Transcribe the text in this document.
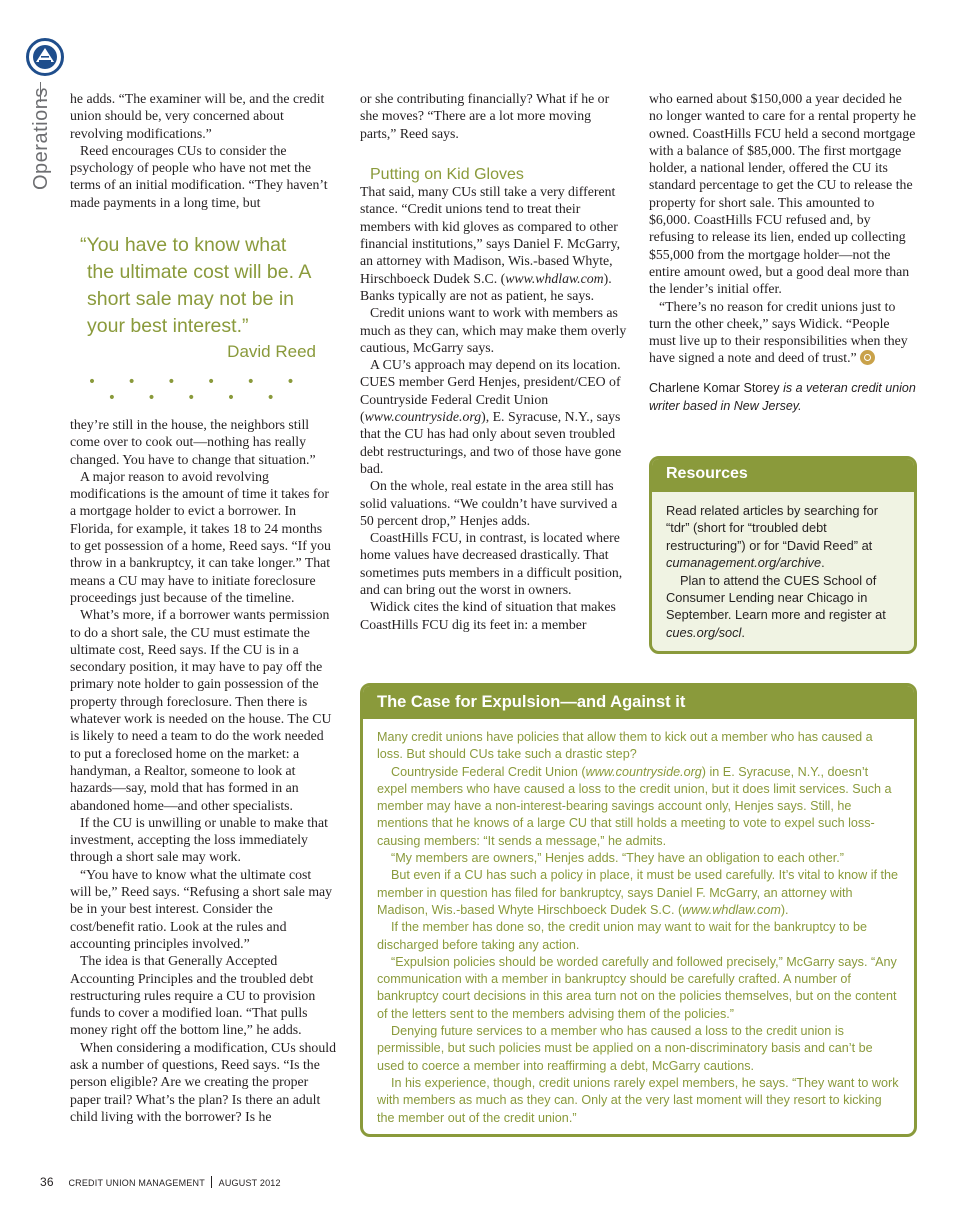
Operations he adds. “The examiner will be, and the credit union should be, very concerned about revolving modifications.”

Reed encourages CUs to consider the psychology of people who have not met the terms of an initial modification. “They haven’t made payments in a long time, but

“You have to know what the ultimate cost will be. A short sale may not be in your best interest.”

David Reed
• • • • • • • • • • •

they’re still in the house, the neighbors still come over to cook out—nothing has really changed. You have to change that situation.”

A major reason to avoid revolving modifications is the amount of time it takes for a mortgage holder to evict a borrower. In Florida, for example, it takes 18 to 24 months to get possession of a home, Reed says. “If you throw in a bankruptcy, it can take longer.” That means a CU may have to initiate foreclosure proceedings just because of the timeline.

What’s more, if a borrower wants permission to do a short sale, the CU must estimate the ultimate cost, Reed says. If the CU is in a secondary position, it may have to pay off the primary note holder to gain possession of the property through foreclosure. Then there is whatever work is needed on the house. The CU is likely to need a team to do the work needed to put a foreclosed home on the market: a handyman, a Realtor, someone to look at hazards—say, mold that has formed in an abandoned home—and other specialists.

If the CU is unwilling or unable to make that investment, accepting the loss immediately through a short sale may work.

“You have to know what the ultimate cost will be,” Reed says. “Refusing a short sale may be in your best interest. Consider the cost/benefit ratio. Look at the rules and accounting principles involved.”

The idea is that Generally Accepted Accounting Principles and the troubled debt restructuring rules require a CU to provision funds to cover a modified loan. “That pulls money right off the bottom line,” he adds.

When considering a modification, CUs should ask a number of questions, Reed says. “Is the person eligible? Are we creating the proper paper trail? What’s the plan? Is there an adult child living with the borrower? Is he

or she contributing financially? What if he or she moves? “There are a lot more moving parts,” Reed says.

Putting on Kid Gloves

That said, many CUs still take a very different stance. “Credit unions tend to treat their members with kid gloves as compared to other financial institutions,” says Daniel F. McGarry, an attorney with Madison, Wis.-based Whyte, Hirschboeck Dudek S.C. (www.whdlaw.com). Banks typically are not as patient, he says.

Credit unions want to work with members as much as they can, which may make them overly cautious, McGarry says.

A CU’s approach may depend on its location. CUES member Gerd Henjes, president/CEO of Countryside Federal Credit Union (www.countryside.org), E. Syracuse, N.Y., says that the CU has had only about seven troubled debt restructurings, and two of those have gone bad.

On the whole, real estate in the area still has solid valuations. “We couldn’t have survived a 50 percent drop,” Henjes adds.

CoastHills FCU, in contrast, is located where home values have decreased drastically. That sometimes puts members in a difficult position, and can bring out the worst in owners.

Widick cites the kind of situation that makes CoastHills FCU dig its feet in: a member

who earned about $150,000 a year decided he no longer wanted to care for a rental property he owned. CoastHills FCU held a second mortgage with a balance of $85,000. The first mortgage holder, a national lender, offered the CU its standard percentage to get the CU to release the property for short sale. This amounted to $6,000. CoastHills FCU refused and, by refusing to release its lien, ended up collecting $55,000 from the mortgage holder—not the entire amount owed, but a good deal more than the lender’s initial offer.

“There’s no reason for credit unions just to turn the other cheek,” says Widick. “People must live up to their responsibilities when they have signed a note and deed of trust.”

Charlene Komar Storey is a veteran credit union writer based in New Jersey.

Resources

Read related articles by searching for “tdr” (short for “troubled debt restructuring”) or for “David Reed” at cumanagement.org/archive.

Plan to attend the CUES School of Consumer Lending near Chicago in September. Learn more and register at cues.org/socl.

The Case for Expulsion—and Against it

Many credit unions have policies that allow them to kick out a member who has caused a loss. But should CUs take such a drastic step?

Countryside Federal Credit Union (www.countryside.org) in E. Syracuse, N.Y., doesn’t expel members who have caused a loss to the credit union, but it does limit services. Such a member may have a non-interest-bearing savings account only, Henjes says. Still, he mentions that he knows of a large CU that still holds a meeting to vote to expel such loss-causing members: “It sends a message,” he admits.

“My members are owners,” Henjes adds. “They have an obligation to each other.”

But even if a CU has such a policy in place, it must be used carefully. It’s vital to know if the member in question has filed for bankruptcy, says Daniel F. McGarry, an attorney with Madison, Wis.-based Whyte Hirschboeck Dudek S.C. (www.whdlaw.com).

If the member has done so, the credit union may want to wait for the bankruptcy to be discharged before taking any action.

“Expulsion policies should be worded carefully and followed precisely,” McGarry says. “Any communication with a member in bankruptcy should be carefully crafted. A number of bankruptcy court decisions in this area turn not on the policies themselves, but on the content of the letters sent to the members advising them of the policies.”

Denying future services to a member who has caused a loss to the credit union is permissible, but such policies must be applied on a non-discriminatory basis and can’t be used to coerce a member into reaffirming a debt, McGarry cautions.

In his experience, though, credit unions rarely expel members, he says. “They want to work with members as much as they can. Only at the very last moment will they resort to kicking the member out of the credit union.”

36 CREDIT UNION MANAGEMENT AUGUST 2012
